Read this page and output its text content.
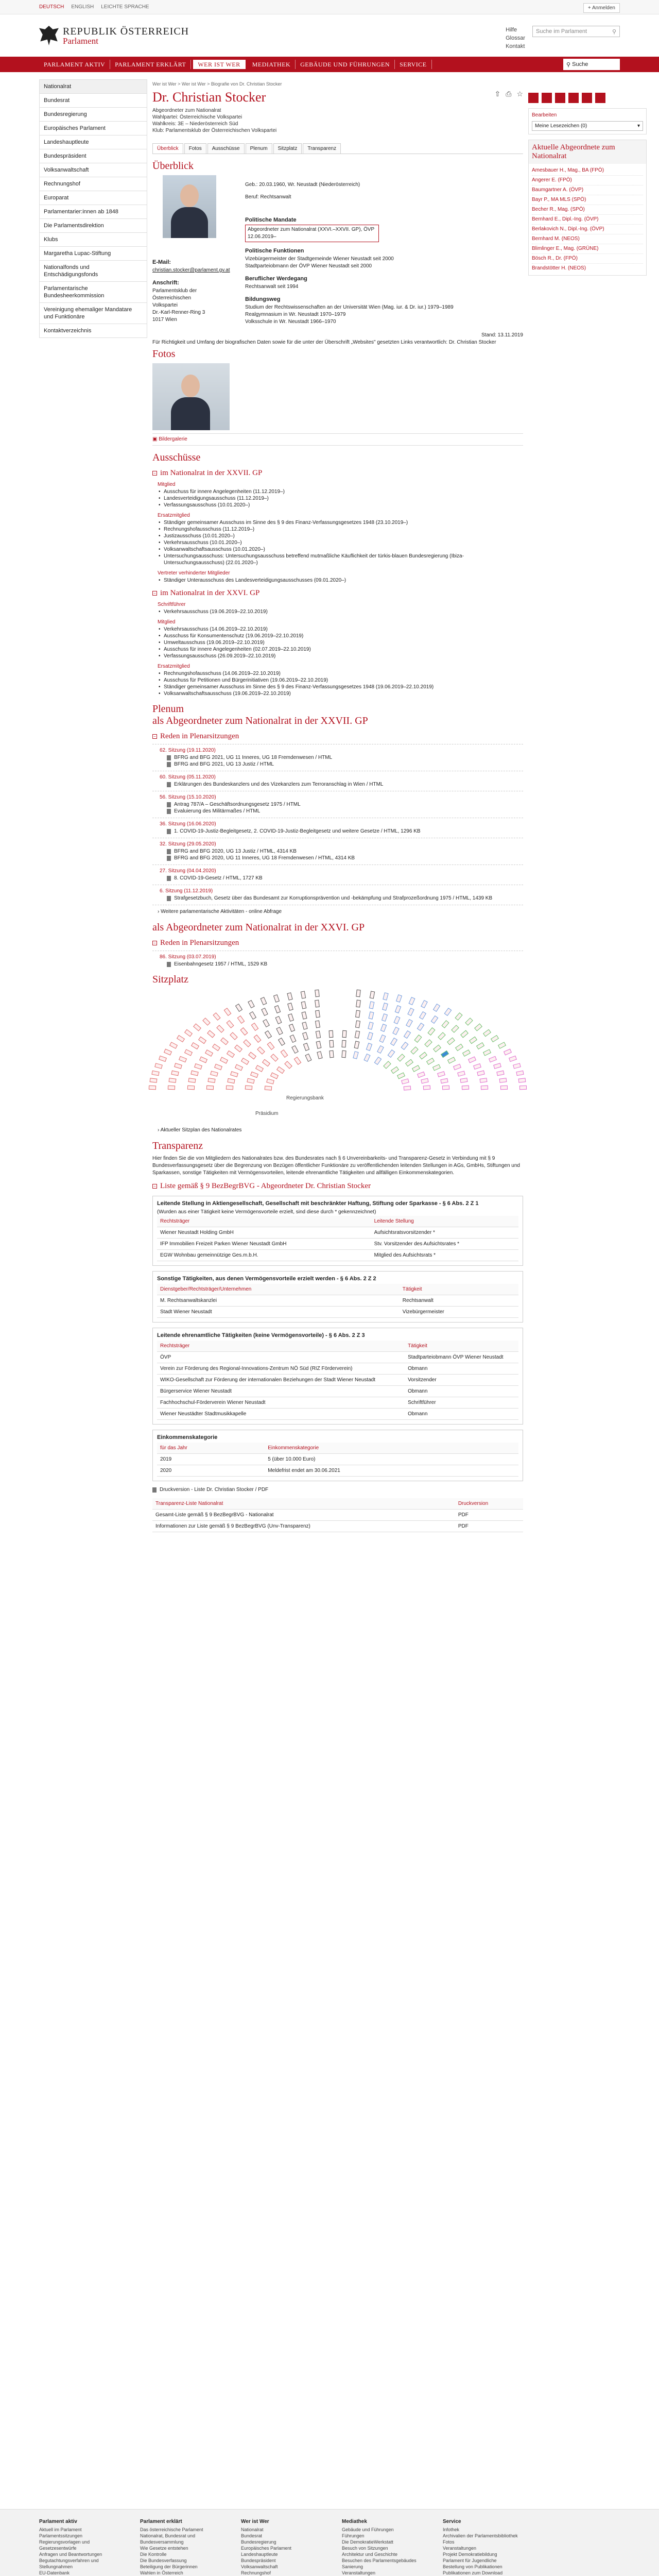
DEUTSCH ENGLISH LEICHTE SPRACHE	+ Anmelden
REPUBLIK ÖSTERREICH
Parlament
Hilfe
Glossar
Kontakt
Suche im Parlament	⚲
PARLAMENT AKTIV	PARLAMENT ERKLÄRT	WER IST WER	MEDIATHEK	GEBÄUDE UND FÜHRUNGEN	SERVICE	⚲ Suche
Nationalrat
Bundesrat
Bundesregierung
Europäisches Parlament
Landeshauptleute
Bundespräsident
Volksanwaltschaft
Rechnungshof
Europarat
Parlamentarier:innen ab 1848
Die Parlamentsdirektion
Klubs
Margaretha Lupac-Stiftung
Nationalfonds und Entschädigungsfonds
Parlamentarische Bundesheerkommission
Vereinigung ehemaliger Mandatare und Funktionäre
Kontaktverzeichnis
Wer ist Wer > Wer ist Wer > Biografie von Dr. Christian Stocker
Dr. Christian Stocker	⇧ ⎙ ☆
Abgeordneter zum Nationalrat
Wahlpartei: Österreichische Volkspartei
Wahlkreis: 3E – Niederösterreich Süd
Klub: Parlamentsklub der Österreichischen Volkspartei
Überblick	Fotos	Ausschüsse	Plenum	Sitzplatz	Transparenz
Überblick
E-Mail:
christian.stocker@parlament.gv.at
Anschrift:
Parlamentsklub der Österreichischen
Volkspartei
Dr.-Karl-Renner-Ring 3
1017 Wien
Geb.: 20.03.1960, Wr. Neustadt (Niederösterreich)
Beruf: Rechtsanwalt
Politische Mandate
Abgeordneter zum Nationalrat (XXVI.–XXVII. GP), ÖVP 12.06.2019–
Politische Funktionen
Vizebürgermeister der Stadtgemeinde Wiener Neustadt seit 2000
Stadtparteiobmann der ÖVP Wiener Neustadt seit 2000
Beruflicher Werdegang
Rechtsanwalt seit 1994
Bildungsweg
Studium der Rechtswissenschaften an der Universität Wien (Mag. iur. & Dr. iur.) 1979–1989
Realgymnasium in Wr. Neustadt 1970–1979
Volksschule in Wr. Neustadt 1966–1970
Stand: 13.11.2019
Für Richtigkeit und Umfang der biografischen Daten sowie für die unter der Überschrift „Websites" gesetzten Links verantwortlich: Dr. Christian Stocker
Fotos
▣ Bildergalerie
Ausschüsse
− im Nationalrat in der XXVII. GP
Mitglied
• Ausschuss für innere Angelegenheiten (11.12.2019–)
• Landesverteidigungsausschuss (11.12.2019–)
• Verfassungsausschuss (10.01.2020–)
Ersatzmitglied
• Ständiger gemeinsamer Ausschuss im Sinne des § 9 des Finanz-Verfassungsgesetzes 1948 (23.10.2019–)
• Rechnungshofausschuss (11.12.2019–)
• Justizausschuss (10.01.2020–)
• Verkehrsausschuss (10.01.2020–)
• Volksanwaltschaftsausschuss (10.01.2020–)
• Untersuchungsausschuss: Untersuchungsausschuss betreffend mutmaßliche Käuflichkeit der türkis-blauen Bundesregierung (Ibiza-Untersuchungsausschuss) (22.01.2020–)
Vertreter verhinderter Mitglieder
• Ständiger Unterausschuss des Landesverteidigungsausschusses (09.01.2020–)
− im Nationalrat in der XXVI. GP
Schriftführer
• Verkehrsausschuss (19.06.2019–22.10.2019)
Mitglied
• Verkehrsausschuss (14.06.2019–22.10.2019)
• Ausschuss für Konsumentenschutz (19.06.2019–22.10.2019)
• Umweltausschuss (19.06.2019–22.10.2019)
• Ausschuss für innere Angelegenheiten (02.07.2019–22.10.2019)
• Verfassungsausschuss (26.09.2019–22.10.2019)
Ersatzmitglied
• Rechnungshofausschuss (14.06.2019–22.10.2019)
• Ausschuss für Petitionen und Bürgerinitiativen (19.06.2019–22.10.2019)
• Ständiger gemeinsamer Ausschuss im Sinne des § 9 des Finanz-Verfassungsgesetzes 1948 (19.06.2019–22.10.2019)
• Volksanwaltschaftsausschuss (19.06.2019–22.10.2019)
Plenum
als Abgeordneter zum Nationalrat in der XXVII. GP
− Reden in Plenarsitzungen
62. Sitzung (19.11.2020)
BFRG and BFG 2021, UG 11 Inneres, UG 18 Fremdenwesen / HTML
BFRG and BFG 2021, UG 13 Justiz / HTML
60. Sitzung (05.11.2020)
Erklärungen des Bundeskanzlers und des Vizekanzlers zum Terroranschlag in Wien / HTML
56. Sitzung (15.10.2020)
Antrag 787/A – Geschäftsordnungsgesetz 1975 / HTML
Evaluierung des Militärmaßes / HTML
36. Sitzung (16.06.2020)
1. COVID-19-Justiz-Begleitgesetz, 2. COVID-19-Justiz-Begleitgesetz und weitere Gesetze / HTML, 1296 KB
32. Sitzung (29.05.2020)
BFRG and BFG 2020, UG 13 Justiz / HTML, 4314 KB
BFRG and BFG 2020, UG 11 Inneres, UG 18 Fremdenwesen / HTML, 4314 KB
27. Sitzung (04.04.2020)
8. COVID-19-Gesetz / HTML, 1727 KB
6. Sitzung (11.12.2019)
Strafgesetzbuch, Gesetz über das Bundesamt zur Korruptionsprävention und -bekämpfung und Strafprozeßordnung 1975 / HTML, 1439 KB
› Weitere parlamentarische Aktivitäten - online Abfrage
als Abgeordneter zum Nationalrat in der XXVI. GP
− Reden in Plenarsitzungen
86. Sitzung (03.07.2019)
Eisenbahngesetz 1957 / HTML, 1529 KB
Sitzplatz
Regierungsbank
Präsidium
› Aktueller Sitzplan des Nationalrates
Transparenz
Hier finden Sie die von Mitgliedern des Nationalrates bzw. des Bundesrates nach § 6 Unvereinbarkeits- und Transparenz-Gesetz in Verbindung mit § 9 Bundesverfassungsgesetz über die Begrenzung von Bezügen öffentlicher Funktionäre zu veröffentlichenden leitenden Stellungen in AGs, GmbHs, Stiftungen und Sparkassen, sonstige Tätigkeiten mit Vermögensvorteilen, leitende ehrenamtliche Tätigkeiten und allfälligen Einkommenskategorien.
− Liste gemäß § 9 BezBegrBVG - Abgeordneter Dr. Christian Stocker
Leitende Stellung in Aktiengesellschaft, Gesellschaft mit beschränkter Haftung, Stiftung oder Sparkasse - § 6 Abs. 2 Z 1
(Wurden aus einer Tätigkeit keine Vermögensvorteile erzielt, sind diese durch * gekennzeichnet)
Rechtsträger	Leitende Stellung
Wiener Neustadt Holding GmbH	Aufsichtsratsvorsitzender *
IFP Immobilien Freizeit Parken Wiener Neustadt GmbH	Stv. Vorsitzender des Aufsichtsrates *
EGW Wohnbau gemeinnützige Ges.m.b.H.	Mitglied des Aufsichtsrats *
Sonstige Tätigkeiten, aus denen Vermögensvorteile erzielt werden - § 6 Abs. 2 Z 2
Dienstgeber/Rechtsträger/Unternehmen	Tätigkeit
M. Rechtsanwaltskanzlei	Rechtsanwalt
Stadt Wiener Neustadt	Vizebürgermeister
Leitende ehrenamtliche Tätigkeiten (keine Vermögensvorteile) - § 6 Abs. 2 Z 3
Rechtsträger	Tätigkeit
ÖVP	Stadtparteiobmann ÖVP Wiener Neustadt
Verein zur Förderung des Regional-Innovations-Zentrum NÖ Süd (RIZ Förderverein)	Obmann
WIKO-Gesellschaft zur Förderung der internationalen Beziehungen der Stadt Wiener Neustadt	Vorsitzender
Bürgerservice Wiener Neustadt	Obmann
Fachhochschul-Förderverein Wiener Neustadt	Schriftführer
Wiener Neustädter Stadtmusikkapelle	Obmann
Einkommenskategorie
für das Jahr	Einkommenskategorie
2019	5 (über 10.000 Euro)
2020	Meldefrist endet am 30.06.2021
Druckversion - Liste Dr. Christian Stocker / PDF
Transparenz-Liste Nationalrat	Druckversion
Gesamt-Liste gemäß § 9 BezBegrBVG - Nationalrat	PDF
Informationen zur Liste gemäß § 9 BezBegrBVG (Unv-Transparenz)	PDF
Bearbeiten
Meine Lesezeichen (0)	▾
Aktuelle Abgeordnete zum Nationalrat
Amesbauer H., Mag., BA (FPÖ)
Angerer E. (FPÖ)
Baumgartner A. (ÖVP)
Bayr P., MA MLS (SPÖ)
Becher R., Mag. (SPÖ)
Bernhard E., Dipl.-Ing. (ÖVP)
Berlakovich N., Dipl.-Ing. (ÖVP)
Bernhard M. (NEOS)
Blimlinger E., Mag. (GRÜNE)
Bösch R., Dr. (FPÖ)
Brandstötter H. (NEOS)
Parlament aktiv
Aktuell im Parlament
Parlamentssitzungen
Regierungsvorlagen und Gesetzesentwürfe
Anfragen und Beantwortungen
Begutachtungsverfahren und Stellungnahmen
EU-Datenbank
Parlament erklärt
Das österreichische Parlament
Nationalrat, Bundesrat und Bundesversammlung
Wie Gesetze entstehen
Die Kontrolle
Die Bundesverfassung
Beteiligung der Bürgerinnen
Wahlen in Österreich
Wer ist Wer
Nationalrat
Bundesrat
Bundesregierung
Europäisches Parlament
Landeshauptleute
Bundespräsident
Volksanwaltschaft
Rechnungshof
Mediathek
Gebäude und Führungen
Führungen
Die DemokratieWerkstatt
Besuch von Sitzungen
Architektur und Geschichte
Besuchen des Parlamentsgebäudes
Sanierung
Veranstaltungen
Service
Infothek
Archivalien der Parlamentsbibliothek
Fotos
Veranstaltungen
Projekt Demokratiebildung
Parlament für Jugendliche
Bestellung von Publikationen
Publikationen zum Download
